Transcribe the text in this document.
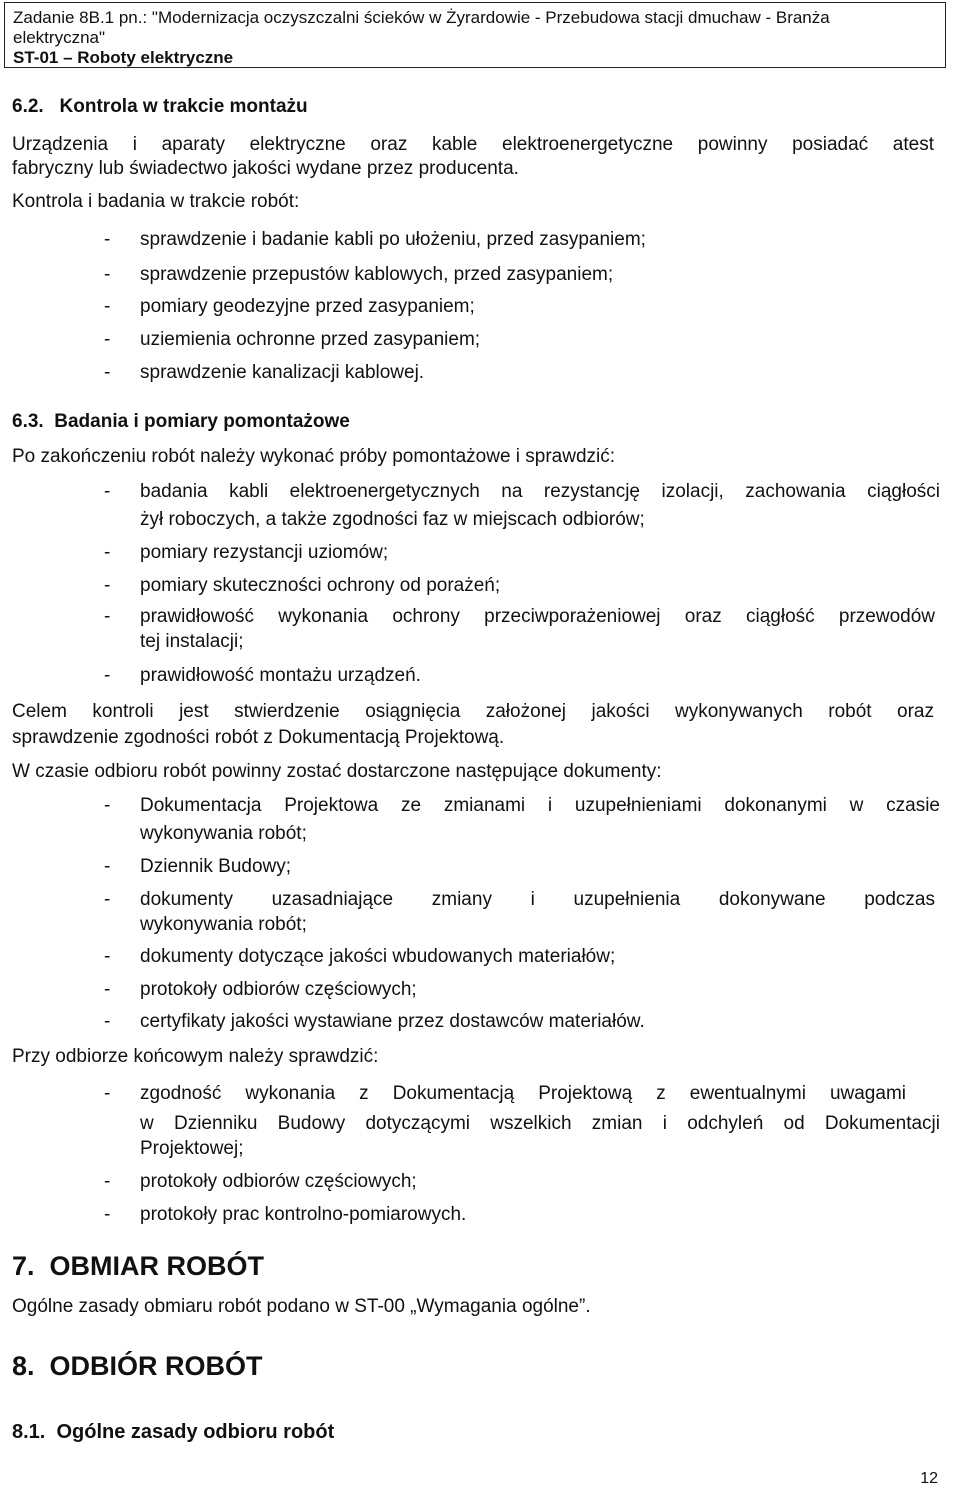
Zadanie 8B.1 pn.: "Modernizacja oczyszczalni ścieków w Żyrardowie - Przebudowa stacji dmuchaw - Branża
elektryczna"
ST-01 – Roboty elektryczne
6.2. Kontrola w trakcie montażu
Urządzenia i aparaty elektryczne oraz kable elektroenergetyczne powinny posiadać atest
fabryczny lub świadectwo jakości wydane przez producenta.
Kontrola i badania w trakcie robót:
- sprawdzenie i badanie kabli po ułożeniu, przed zasypaniem;
- sprawdzenie przepustów kablowych, przed zasypaniem;
- pomiary geodezyjne przed zasypaniem;
- uziemienia ochronne przed zasypaniem;
- sprawdzenie kanalizacji kablowej.
6.3. Badania i pomiary pomontażowe
Po zakończeniu robót należy wykonać próby pomontażowe i sprawdzić:
- badania kabli elektroenergetycznych na rezystancję izolacji, zachowania ciągłości
żył roboczych, a także zgodności faz w miejscach odbiorów;
- pomiary rezystancji uziomów;
- pomiary skuteczności ochrony od porażeń;
- prawidłowość wykonania ochrony przeciwporażeniowej oraz ciągłość przewodów
tej instalacji;
- prawidłowość montażu urządzeń.
Celem kontroli jest stwierdzenie osiągnięcia założonej jakości wykonywanych robót oraz
sprawdzenie zgodności robót z Dokumentacją Projektową.
W czasie odbioru robót powinny zostać dostarczone następujące dokumenty:
- Dokumentacja Projektowa ze zmianami i uzupełnieniami dokonanymi w czasie
wykonywania robót;
- Dziennik Budowy;
- dokumenty uzasadniające zmiany i uzupełnienia dokonywane podczas
wykonywania robót;
- dokumenty dotyczące jakości wbudowanych materiałów;
- protokoły odbiorów częściowych;
- certyfikaty jakości wystawiane przez dostawców materiałów.
Przy odbiorze końcowym należy sprawdzić:
- zgodność wykonania z Dokumentacją Projektową z ewentualnymi uwagami
w Dzienniku Budowy dotyczącymi wszelkich zmian i odchyleń od Dokumentacji
Projektowej;
- protokoły odbiorów częściowych;
- protokoły prac kontrolno-pomiarowych.
7. OBMIAR ROBÓT
Ogólne zasady obmiaru robót podano w ST-00 „Wymagania ogólne”.
8. ODBIÓR ROBÓT
8.1. Ogólne zasady odbioru robót
12
